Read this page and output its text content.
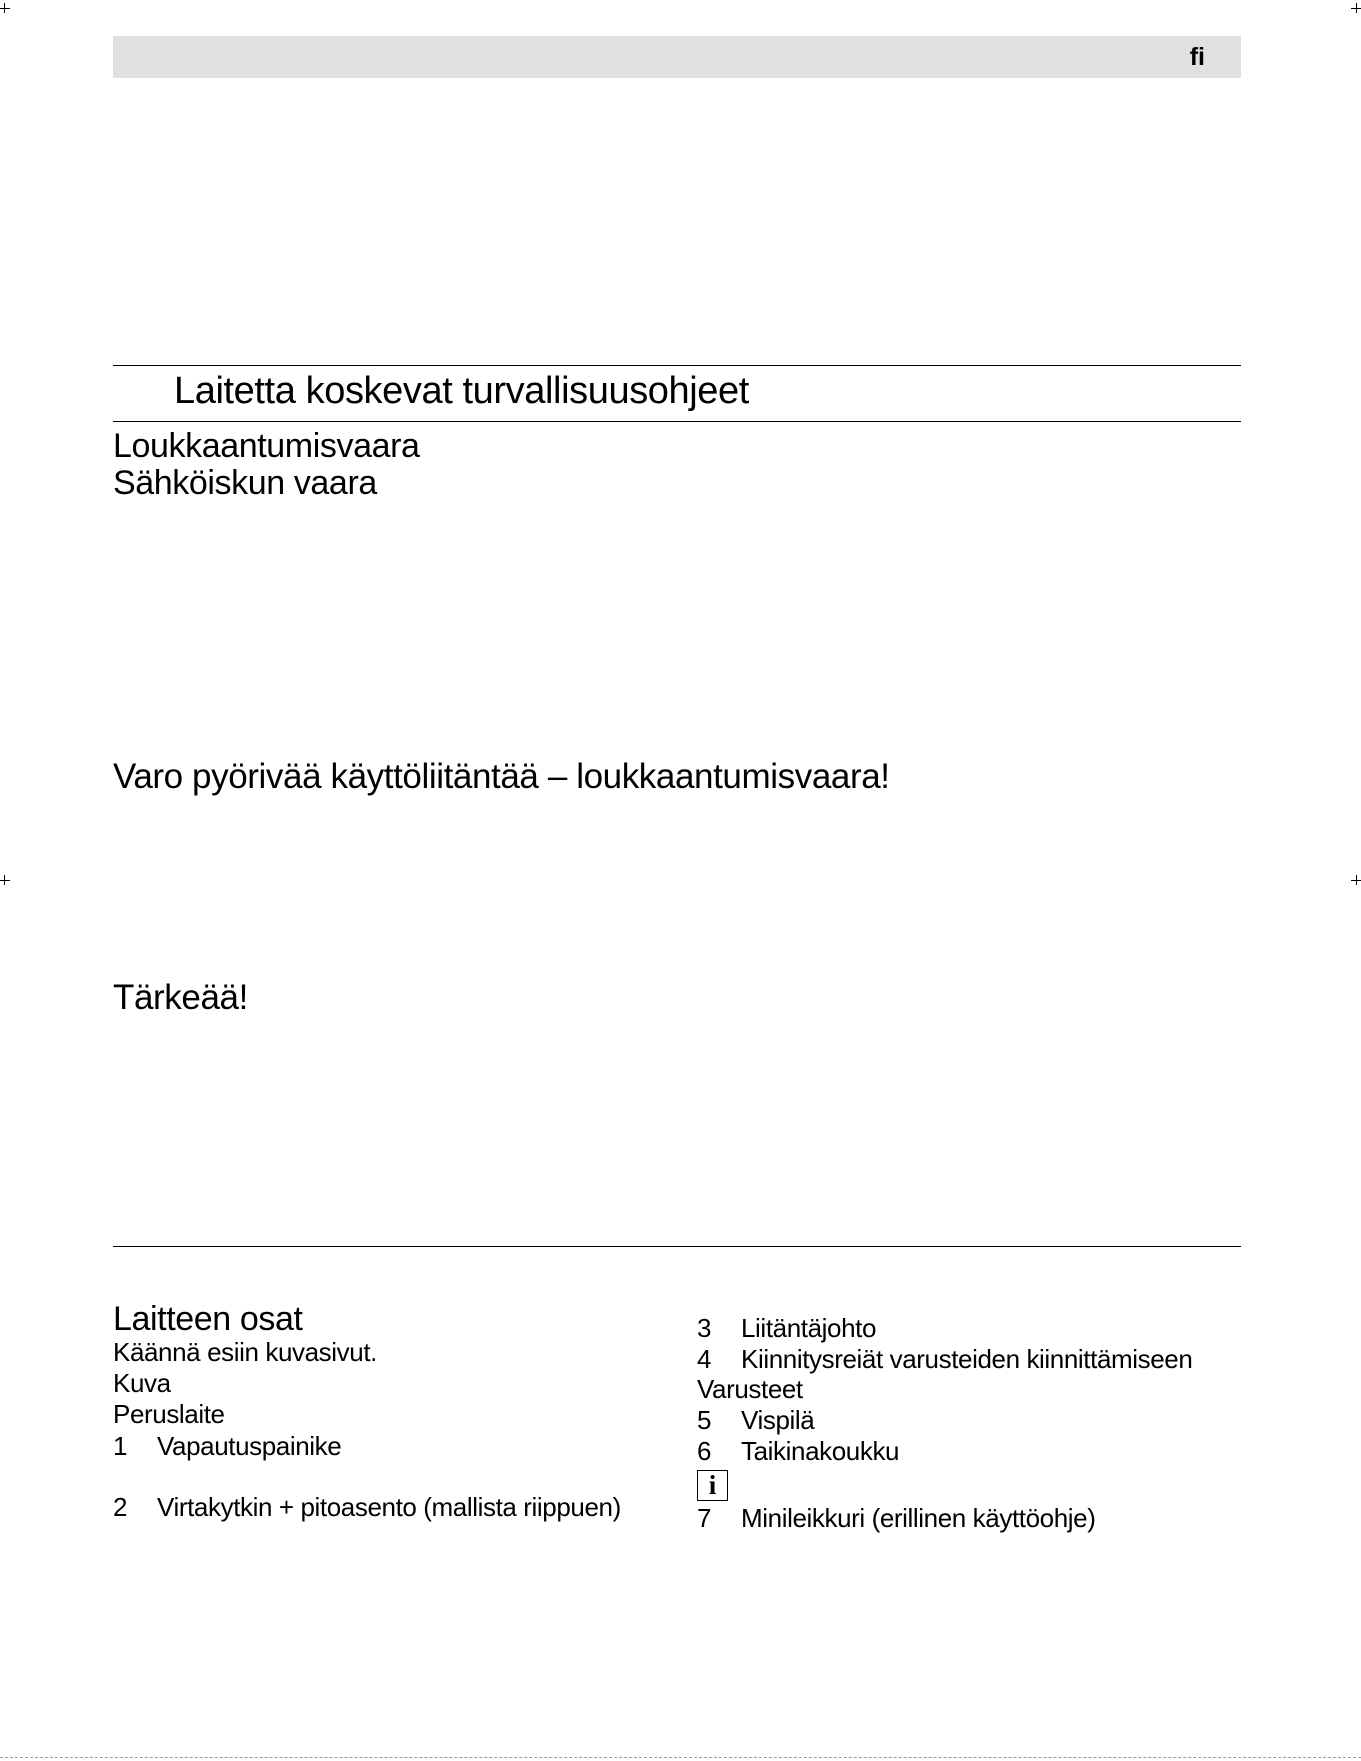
fi
Laitetta koskevat turvallisuusohjeet
Loukkaantumisvaara
Sähköiskun vaara
Varo pyörivää käyttöliitäntää – loukkaantumisvaara!
Tärkeää!
Laitteen osat
Käännä esiin kuvasivut.
Kuva
Peruslaite
1 Vapautuspainike
2 Virtakytkin + pitoasento (mallista riippuen)
3 Liitäntäjohto
4 Kiinnitysreiät varusteiden kiinnittämiseen
Varusteet
5 Vispilä
6 Taikinakoukku
i
7 Minileikkuri (erillinen käyttöohje)
